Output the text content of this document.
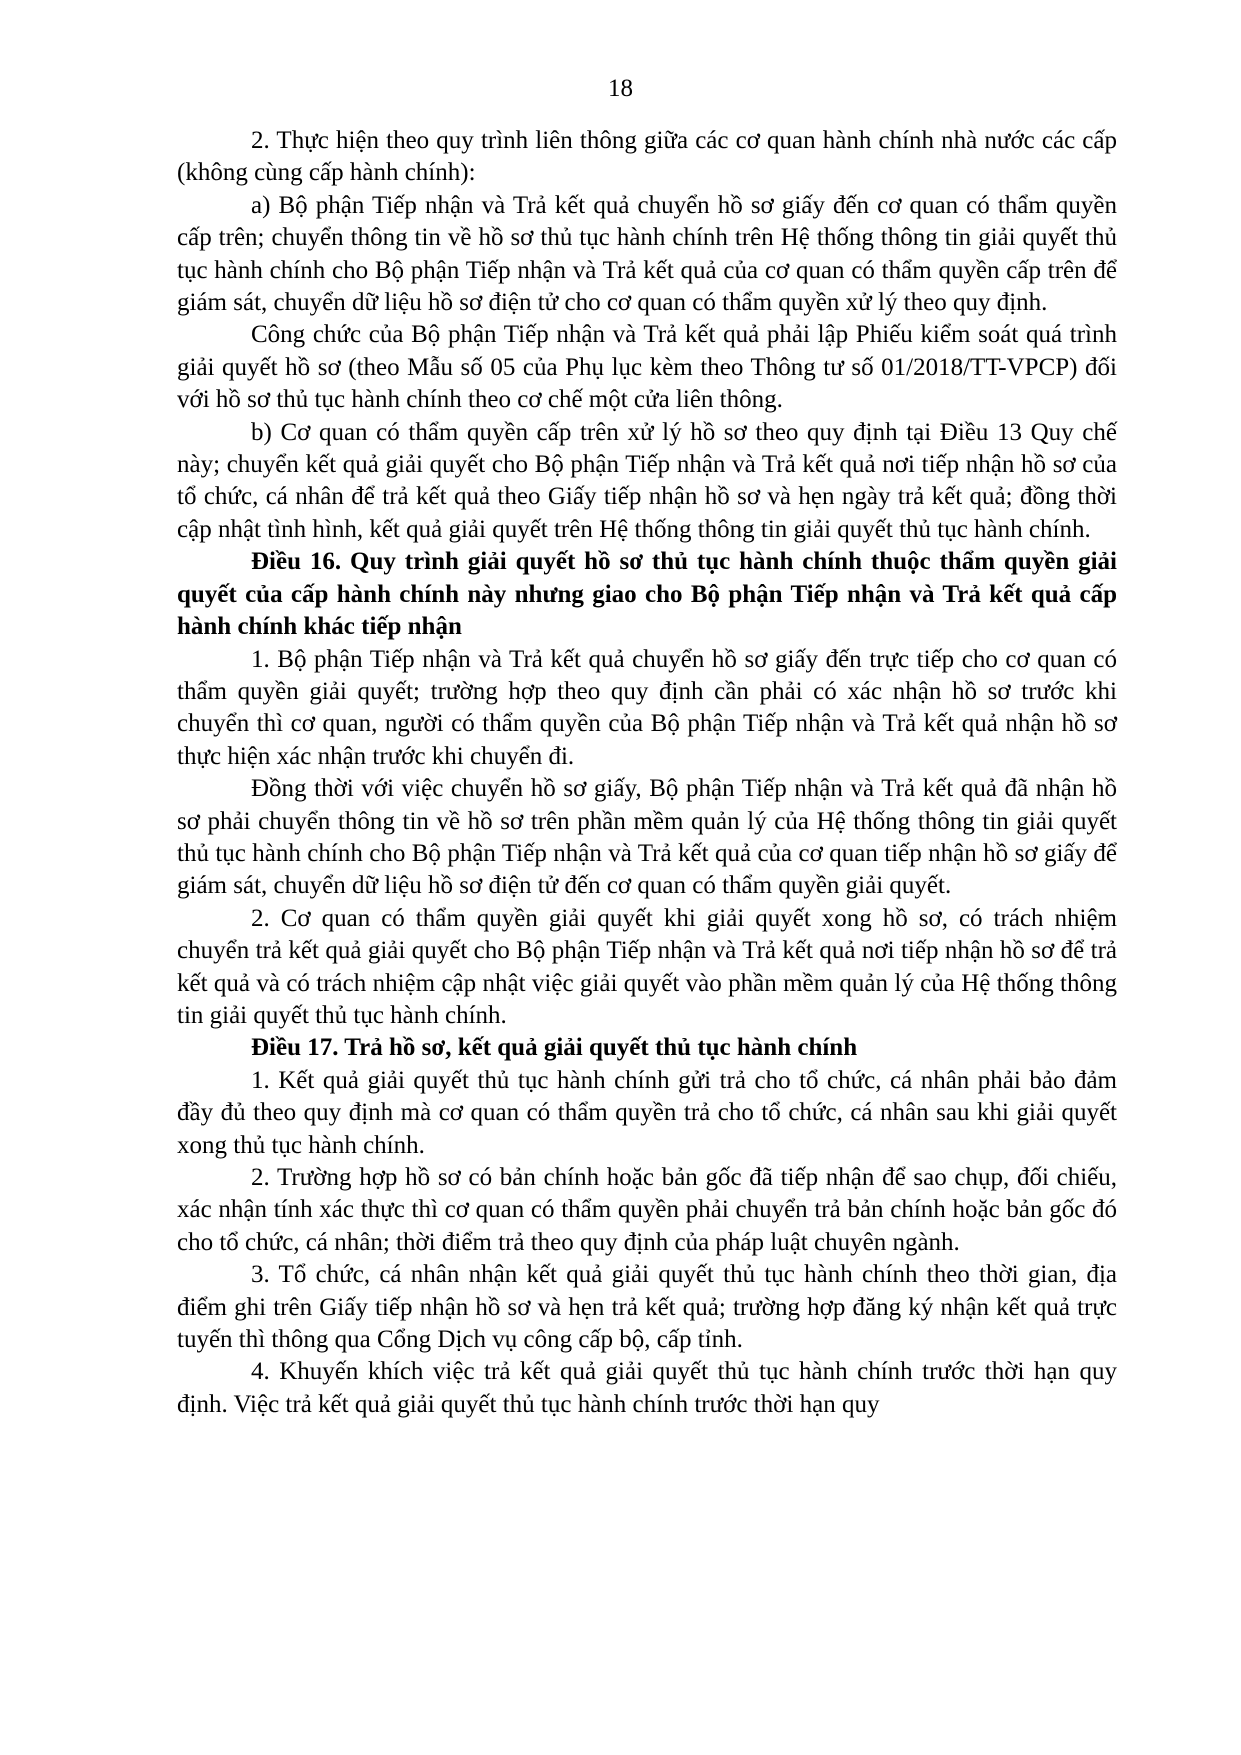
18

2. Thực hiện theo quy trình liên thông giữa các cơ quan hành chính nhà nước các cấp (không cùng cấp hành chính):

a) Bộ phận Tiếp nhận và Trả kết quả chuyển hồ sơ giấy đến cơ quan có thẩm quyền cấp trên; chuyển thông tin về hồ sơ thủ tục hành chính trên Hệ thống thông tin giải quyết thủ tục hành chính cho Bộ phận Tiếp nhận và Trả kết quả của cơ quan có thẩm quyền cấp trên để giám sát, chuyển dữ liệu hồ sơ điện tử cho cơ quan có thẩm quyền xử lý theo quy định.

Công chức của Bộ phận Tiếp nhận và Trả kết quả phải lập Phiếu kiểm soát quá trình giải quyết hồ sơ (theo Mẫu số 05 của Phụ lục kèm theo Thông tư số 01/2018/TT-VPCP) đối với hồ sơ thủ tục hành chính theo cơ chế một cửa liên thông.

b) Cơ quan có thẩm quyền cấp trên xử lý hồ sơ theo quy định tại Điều 13 Quy chế này; chuyển kết quả giải quyết cho Bộ phận Tiếp nhận và Trả kết quả nơi tiếp nhận hồ sơ của tổ chức, cá nhân để trả kết quả theo Giấy tiếp nhận hồ sơ và hẹn ngày trả kết quả; đồng thời cập nhật tình hình, kết quả giải quyết trên Hệ thống thông tin giải quyết thủ tục hành chính.

Điều 16. Quy trình giải quyết hồ sơ thủ tục hành chính thuộc thẩm quyền giải quyết của cấp hành chính này nhưng giao cho Bộ phận Tiếp nhận và Trả kết quả cấp hành chính khác tiếp nhận

1. Bộ phận Tiếp nhận và Trả kết quả chuyển hồ sơ giấy đến trực tiếp cho cơ quan có thẩm quyền giải quyết; trường hợp theo quy định cần phải có xác nhận hồ sơ trước khi chuyển thì cơ quan, người có thẩm quyền của Bộ phận Tiếp nhận và Trả kết quả nhận hồ sơ thực hiện xác nhận trước khi chuyển đi.

Đồng thời với việc chuyển hồ sơ giấy, Bộ phận Tiếp nhận và Trả kết quả đã nhận hồ sơ phải chuyển thông tin về hồ sơ trên phần mềm quản lý của Hệ thống thông tin giải quyết thủ tục hành chính cho Bộ phận Tiếp nhận và Trả kết quả của cơ quan tiếp nhận hồ sơ giấy để giám sát, chuyển dữ liệu hồ sơ điện tử đến cơ quan có thẩm quyền giải quyết.

2. Cơ quan có thẩm quyền giải quyết khi giải quyết xong hồ sơ, có trách nhiệm chuyển trả kết quả giải quyết cho Bộ phận Tiếp nhận và Trả kết quả nơi tiếp nhận hồ sơ để trả kết quả và có trách nhiệm cập nhật việc giải quyết vào phần mềm quản lý của Hệ thống thông tin giải quyết thủ tục hành chính.

Điều 17. Trả hồ sơ, kết quả giải quyết thủ tục hành chính

1. Kết quả giải quyết thủ tục hành chính gửi trả cho tổ chức, cá nhân phải bảo đảm đầy đủ theo quy định mà cơ quan có thẩm quyền trả cho tổ chức, cá nhân sau khi giải quyết xong thủ tục hành chính.

2. Trường hợp hồ sơ có bản chính hoặc bản gốc đã tiếp nhận để sao chụp, đối chiếu, xác nhận tính xác thực thì cơ quan có thẩm quyền phải chuyển trả bản chính hoặc bản gốc đó cho tổ chức, cá nhân; thời điểm trả theo quy định của pháp luật chuyên ngành.

3. Tổ chức, cá nhân nhận kết quả giải quyết thủ tục hành chính theo thời gian, địa điểm ghi trên Giấy tiếp nhận hồ sơ và hẹn trả kết quả; trường hợp đăng ký nhận kết quả trực tuyến thì thông qua Cổng Dịch vụ công cấp bộ, cấp tỉnh.

4. Khuyến khích việc trả kết quả giải quyết thủ tục hành chính trước thời hạn quy định. Việc trả kết quả giải quyết thủ tục hành chính trước thời hạn quy
